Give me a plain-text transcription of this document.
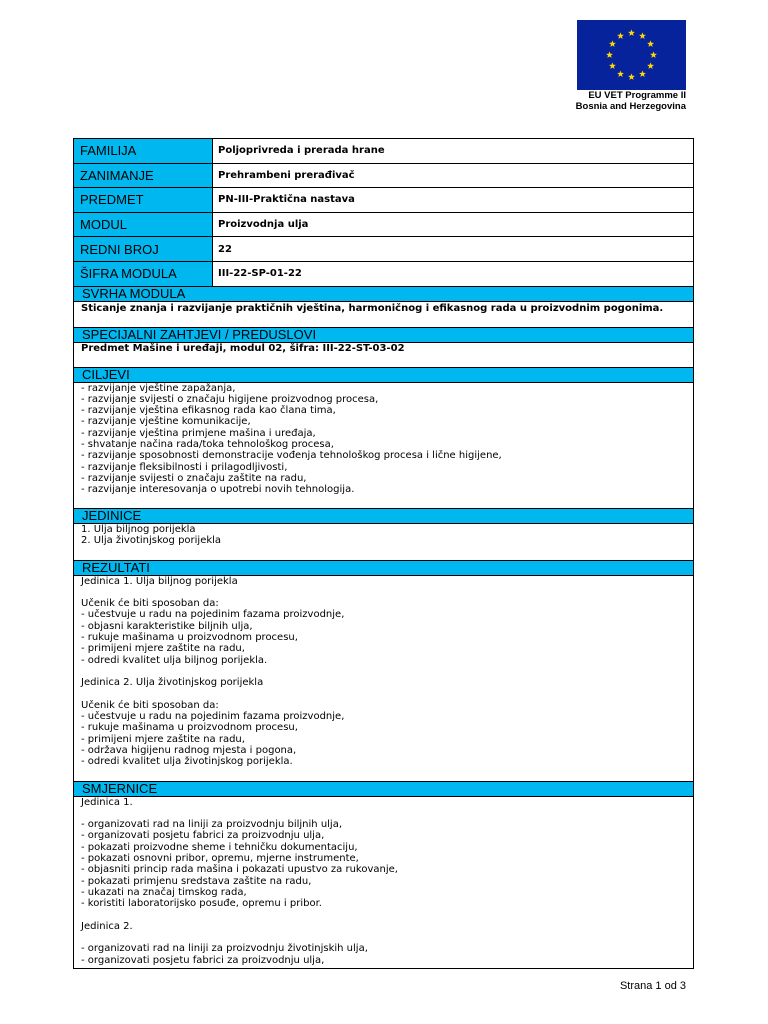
EU VET Programme II
Bosnia and Herzegovina
FAMILIJA	Poljoprivreda i prerada hrane
ZANIMANJE	Prehrambeni prerađivač
PREDMET	PN-III-Praktična nastava
MODUL	Proizvodnja ulja
REDNI BROJ	22
ŠIFRA MODULA	III-22-SP-01-22
SVRHA MODULA
Sticanje znanja i razvijanje praktičnih vještina, harmoničnog i efikasnog rada u proizvodnim pogonima.
SPECIJALNI ZAHTJEVI / PREDUSLOVI
Predmet Mašine i uređaji, modul 02, šifra: III-22-ST-03-02
CILJEVI
- razvijanje vještine zapažanja,
- razvijanje svijesti o značaju higijene proizvodnog procesa,
- razvijanje vještina efikasnog rada kao člana tima,
- razvijanje vještine komunikacije,
- razvijanje vještina primjene mašina i uređaja,
- shvatanje načina rada/toka tehnološkog procesa,
- razvijanje sposobnosti demonstracije vođenja tehnološkog procesa i lične higijene,
- razvijanje fleksibilnosti i prilagodljivosti,
- razvijanje svijesti o značaju zaštite na radu,
- razvijanje interesovanja o upotrebi novih tehnologija.
JEDINICE
1. Ulja biljnog porijekla
2. Ulja životinjskog porijekla
REZULTATI
Jedinica 1. Ulja biljnog porijekla

Učenik će biti sposoban da:
- učestvuje u radu na pojedinim fazama proizvodnje,
- objasni karakteristike biljnih ulja,
- rukuje mašinama u proizvodnom procesu,
- primijeni mjere zaštite na radu,
- odredi kvalitet ulja biljnog porijekla.

Jedinica 2. Ulja životinjskog porijekla

Učenik će biti sposoban da:
- učestvuje u radu na pojedinim fazama proizvodnje,
- rukuje mašinama u proizvodnom procesu,
- primijeni mjere zaštite na radu,
- održava higijenu radnog mjesta i pogona,
- odredi kvalitet ulja životinjskog porijekla.
SMJERNICE
Jedinica 1.

- organizovati rad na liniji za proizvodnju biljnih ulja,
- organizovati posjetu fabrici za proizvodnju ulja,
- pokazati proizvodne sheme i tehničku dokumentaciju,
- pokazati osnovni pribor, opremu, mjerne instrumente,
- objasniti princip rada mašina i pokazati upustvo za rukovanje,
- pokazati primjenu sredstava zaštite na radu,
- ukazati na značaj timskog rada,
- koristiti laboratorijsko posuđe, opremu i pribor.

Jedinica 2.

- organizovati rad na liniji za proizvodnju životinjskih ulja,
- organizovati posjetu fabrici za proizvodnju ulja,
Strana 1 od 3
